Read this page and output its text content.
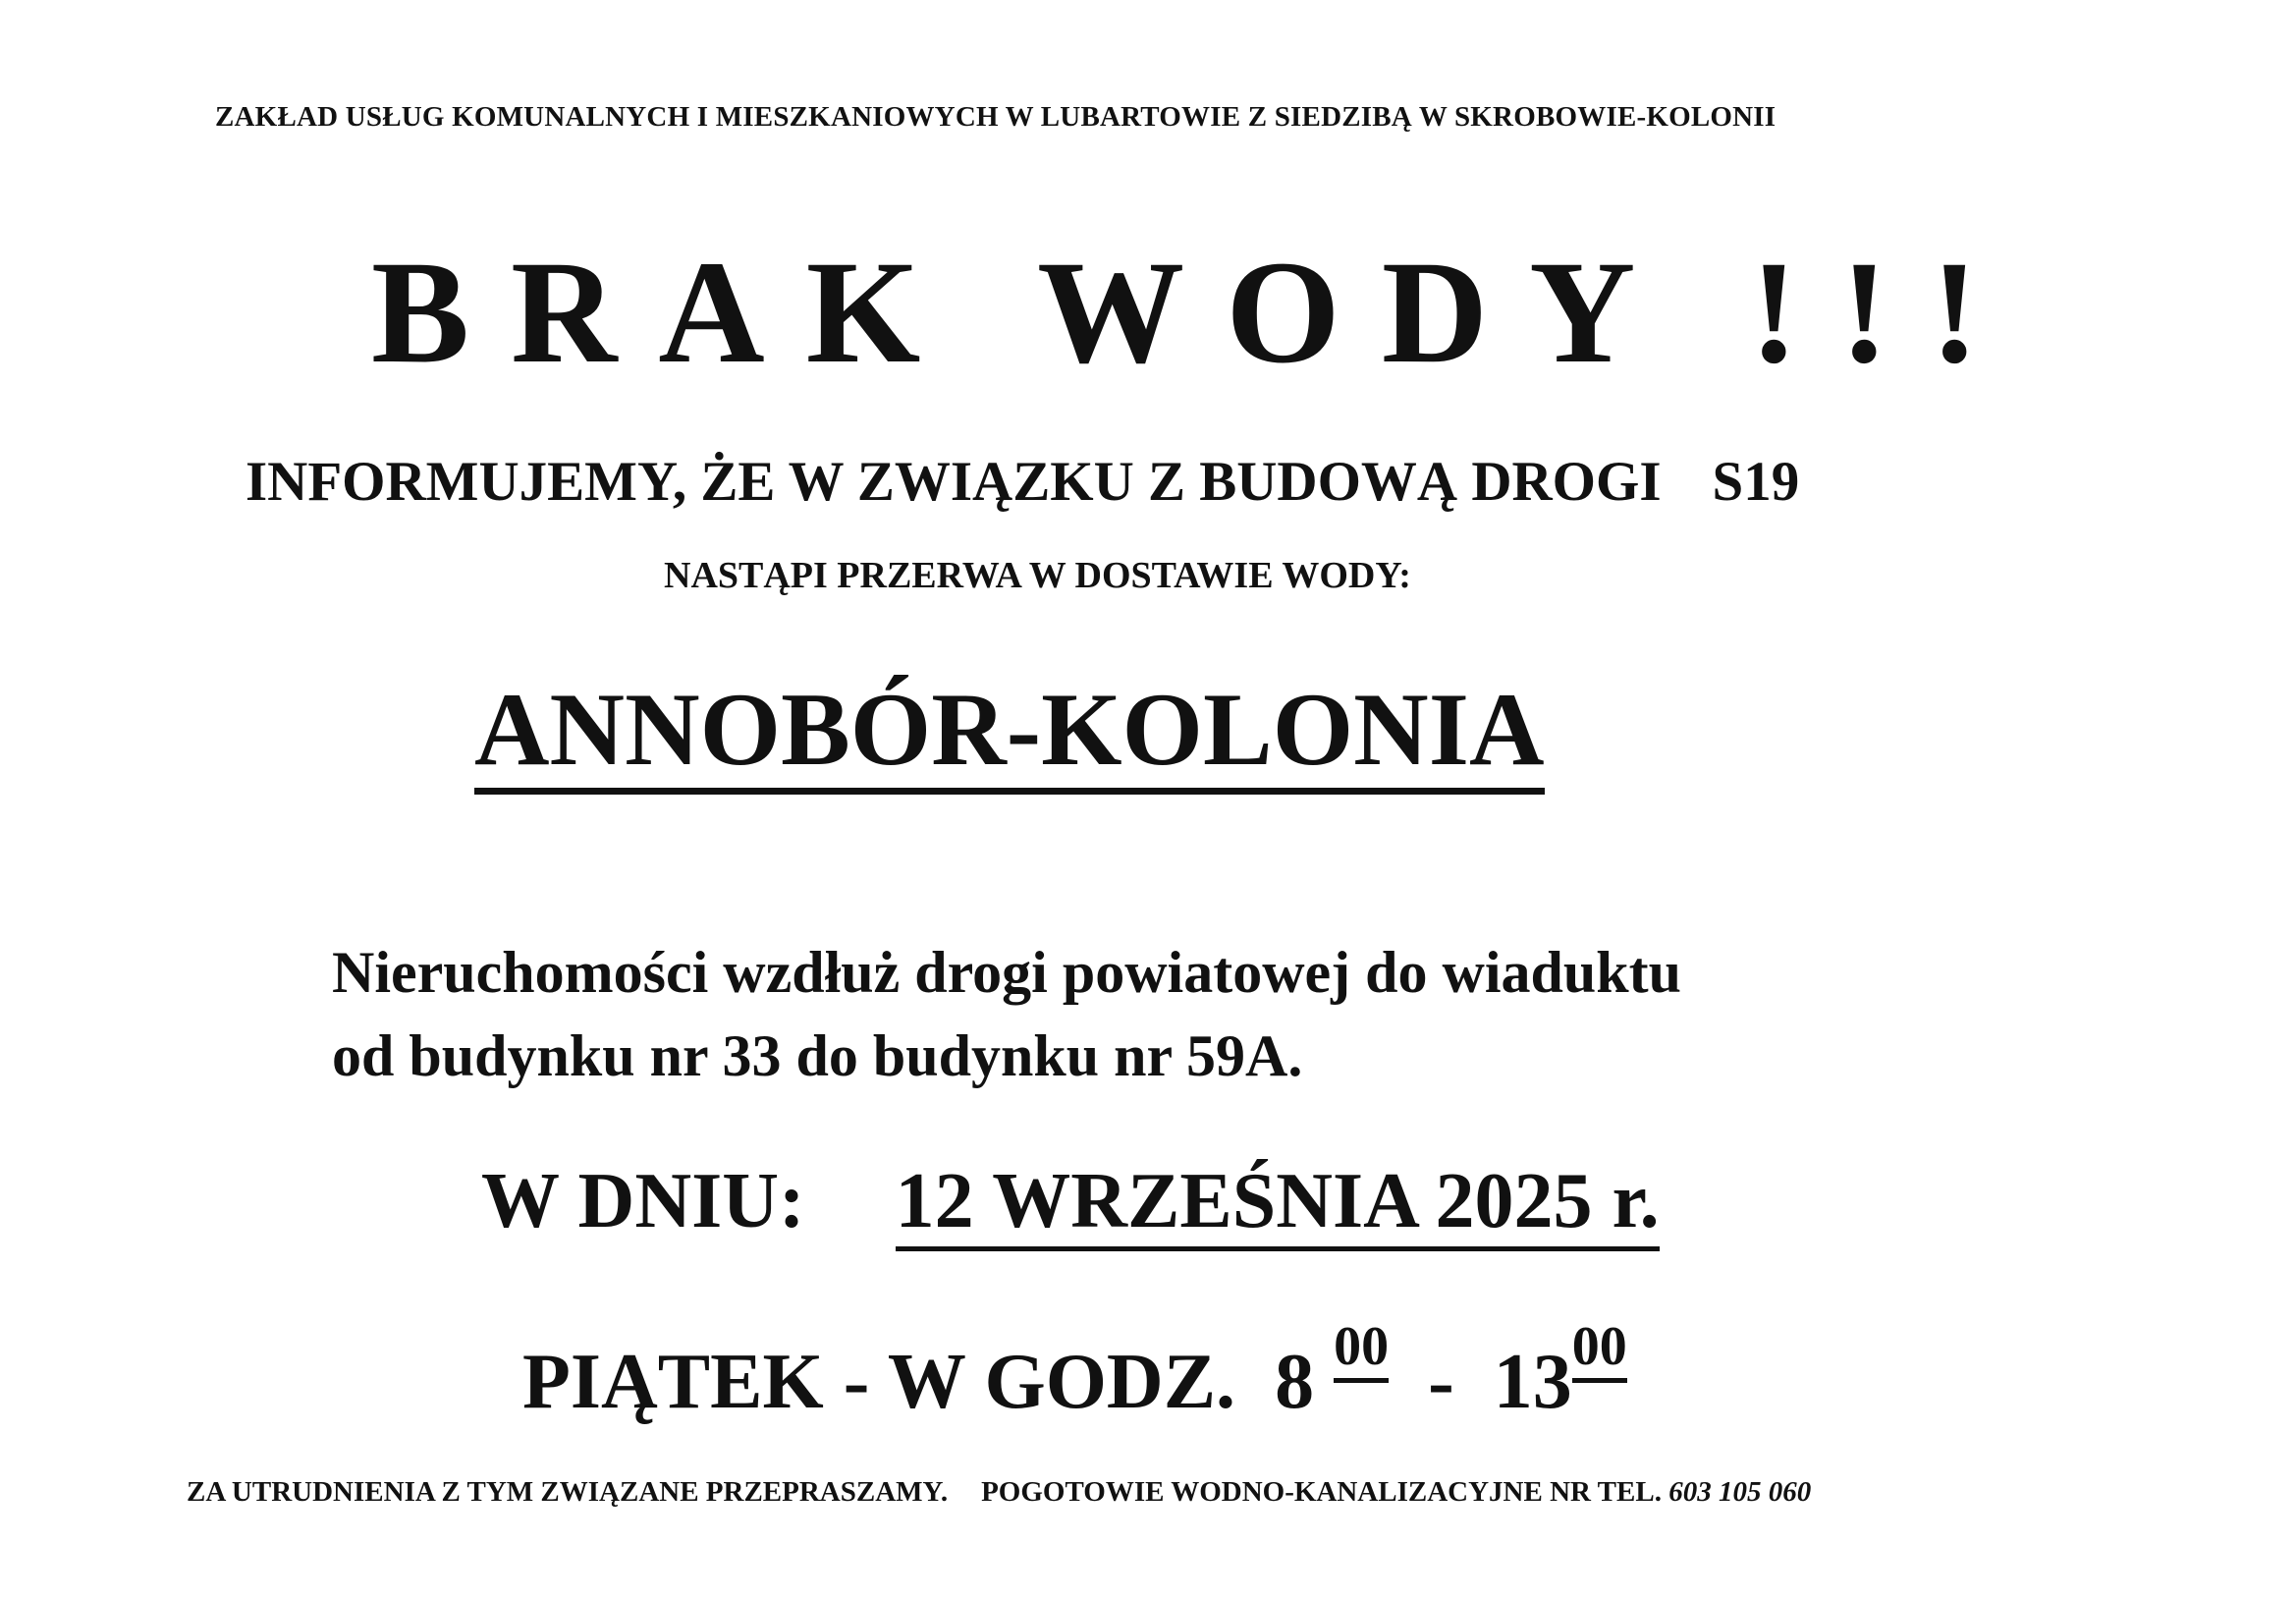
ZAKŁAD USŁUG KOMUNALNYCH I MIESZKANIOWYCH W LUBARTOWIE Z SIEDZIBĄ W SKROBOWIE-KOLONII
BRAK WODY !!!
INFORMUJEMY, ŻE W ZWIĄZKU Z BUDOWĄ DROGI S19
NASTĄPI PRZERWA W DOSTAWIE WODY:
ANNOBÓR-KOLONIA
Nieruchomości wzdłuż drogi powiatowej do wiaduktu
od budynku nr 33 do budynku nr 59A.
W DNIU: 12 WRZEŚNIA 2025 r.
PIĄTEK - W GODZ. 8 00 - 1300
ZA UTRUDNIENIA Z TYM ZWIĄZANE PRZEPRASZAMY. POGOTOWIE WODNO-KANALIZACYJNE NR TEL. 603 105 060
